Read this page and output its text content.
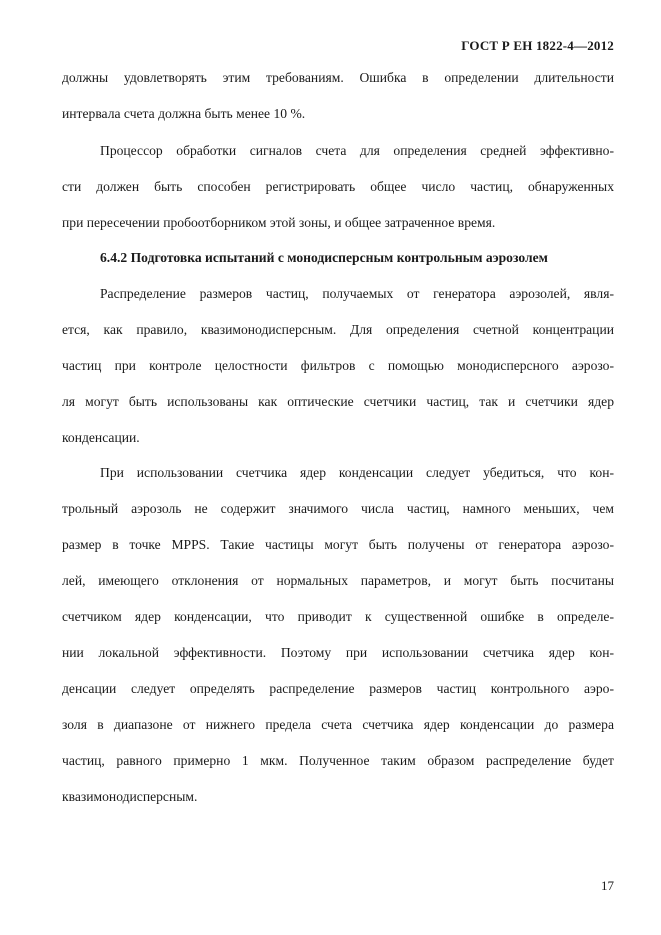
ГОСТ Р ЕН 1822-4—2012
должны удовлетворять этим требованиям. Ошибка в определении длительности
интервала счета должна быть менее 10 %.
Процессор обработки сигналов счета для определения средней эффективно-
сти должен быть способен регистрировать общее число частиц, обнаруженных
при пересечении пробоотборником этой зоны, и общее затраченное время.
6.4.2 Подготовка испытаний с монодисперсным контрольным аэрозолем
Распределение размеров частиц, получаемых от генератора аэрозолей, явля-
ется, как правило, квазимонодисперсным. Для определения счетной концентрации
частиц при контроле целостности фильтров с помощью монодисперсного аэрозо-
ля могут быть использованы как оптические счетчики частиц, так и счетчики ядер
конденсации.
При использовании счетчика ядер конденсации следует убедиться, что кон-
трольный аэрозоль не содержит значимого числа частиц, намного меньших, чем
размер в точке MPPS. Такие частицы могут быть получены от генератора аэрозо-
лей, имеющего отклонения от нормальных параметров, и могут быть посчитаны
счетчиком ядер конденсации, что приводит к существенной ошибке в определе-
нии локальной эффективности. Поэтому при использовании счетчика ядер кон-
денсации следует определять распределение размеров частиц контрольного аэро-
золя в диапазоне от нижнего предела счета счетчика ядер конденсации до размера
частиц, равного примерно 1 мкм. Полученное таким образом распределение будет
квазимонодисперсным.
17
